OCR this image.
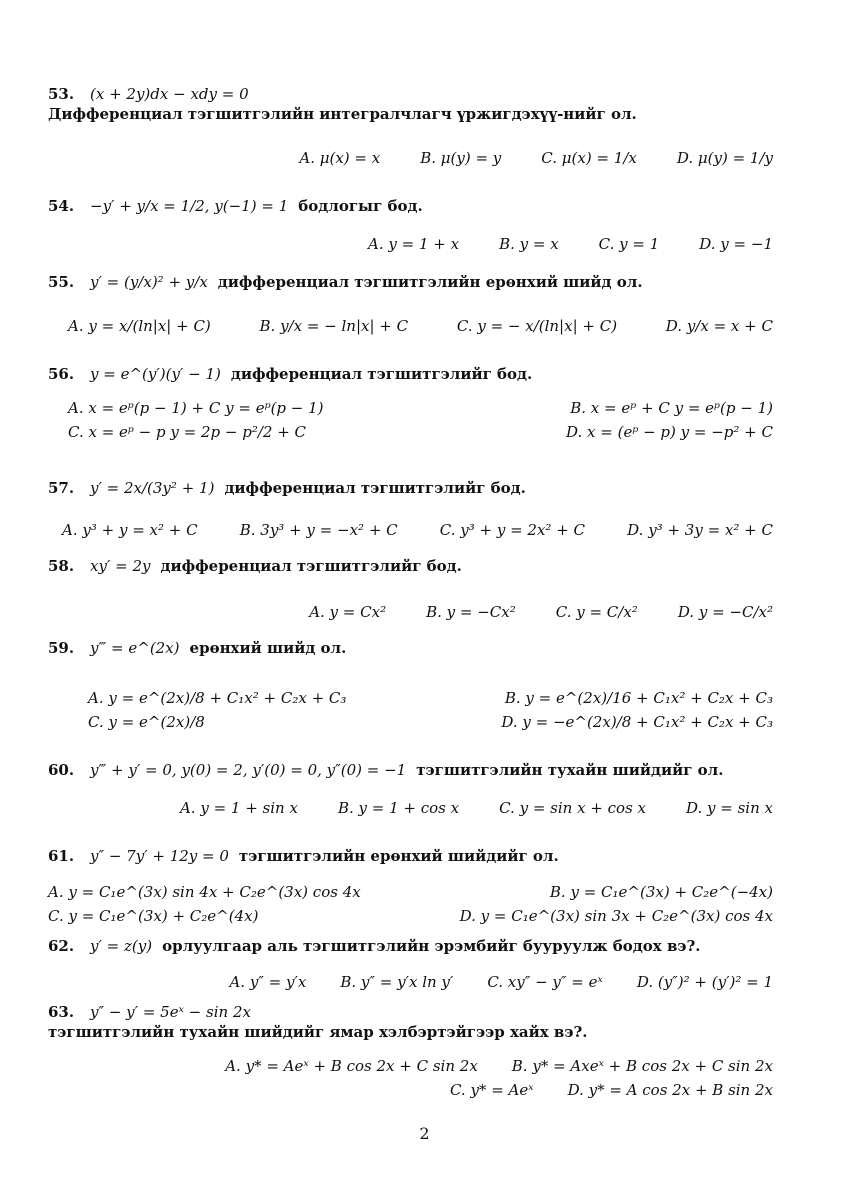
53.	(x + 2y)dx − xdy = 0
Дифференциал тэгшитгэлийн интегралчлагч үржигдэхүү-нийг ол.
A. μ(x) = x	B. μ(y) = y	C. μ(x) = 1/x	D. μ(y) = 1/y
54.	−y′ + y/x = 1/2, y(−1) = 1 бодлогыг бод.
A. y = 1 + x	B. y = x	C. y = 1	D. y = −1
55.	y′ = (y/x)² + y/x дифференциал тэгшитгэлийн ерөнхий шийд ол.
A. y = x/(ln|x| + C)	B. y/x = − ln|x| + C	C. y = − x/(ln|x| + C)	D. y/x = x + C
56.	y = e^(y′)(y′ − 1) дифференциал тэгшитгэлийг бод.
A. x = eᵖ(p − 1) + C y = eᵖ(p − 1)	B. x = eᵖ + C y = eᵖ(p − 1)
C. x = eᵖ − p y = 2p − p²/2 + C	D. x = (eᵖ − p) y = −p² + C
57.	y′ = 2x/(3y² + 1) дифференциал тэгшитгэлийг бод.
A. y³ + y = x² + C	B. 3y³ + y = −x² + C	C. y³ + y = 2x² + C	D. y³ + 3y = x² + C
58.	xy′ = 2y дифференциал тэгшитгэлийг бод.
A. y = Cx²	B. y = −Cx²	C. y = C/x²	D. y = −C/x²
59.	y‴ = e^(2x) ерөнхий шийд ол.
A. y = e^(2x)/8 + C₁x² + C₂x + C₃	B. y = e^(2x)/16 + C₁x² + C₂x + C₃
C. y = e^(2x)/8	D. y = −e^(2x)/8 + C₁x² + C₂x + C₃
60.	y‴ + y′ = 0, y(0) = 2, y′(0) = 0, y″(0) = −1 тэгшитгэлийн тухайн шийдийг ол.
A. y = 1 + sin x	B. y = 1 + cos x	C. y = sin x + cos x	D. y = sin x
61.	y″ − 7y′ + 12y = 0 тэгшитгэлийн ерөнхий шийдийг ол.
A. y = C₁e^(3x) sin 4x + C₂e^(3x) cos 4x	B. y = C₁e^(3x) + C₂e^(−4x)
C. y = C₁e^(3x) + C₂e^(4x)	D. y = C₁e^(3x) sin 3x + C₂e^(3x) cos 4x
62.	y′ = z(y) орлуулгаар аль тэгшитгэлийн эрэмбийг бууруулж бодох вэ?.
A. y″ = y′x B. y″ = y′x ln y′ C. xy″ − y″ = eˣ D. (y″)² + (y′)² = 1
63.	y″ − y′ = 5eˣ − sin 2x
тэгшитгэлийн тухайн шийдийг ямар хэлбэртэйгээр хайх вэ?.
A. y* = Aeˣ + B cos 2x + C sin 2x B. y* = Axeˣ + B cos 2x + C sin 2x
C. y* = Aeˣ D. y* = A cos 2x + B sin 2x
2
